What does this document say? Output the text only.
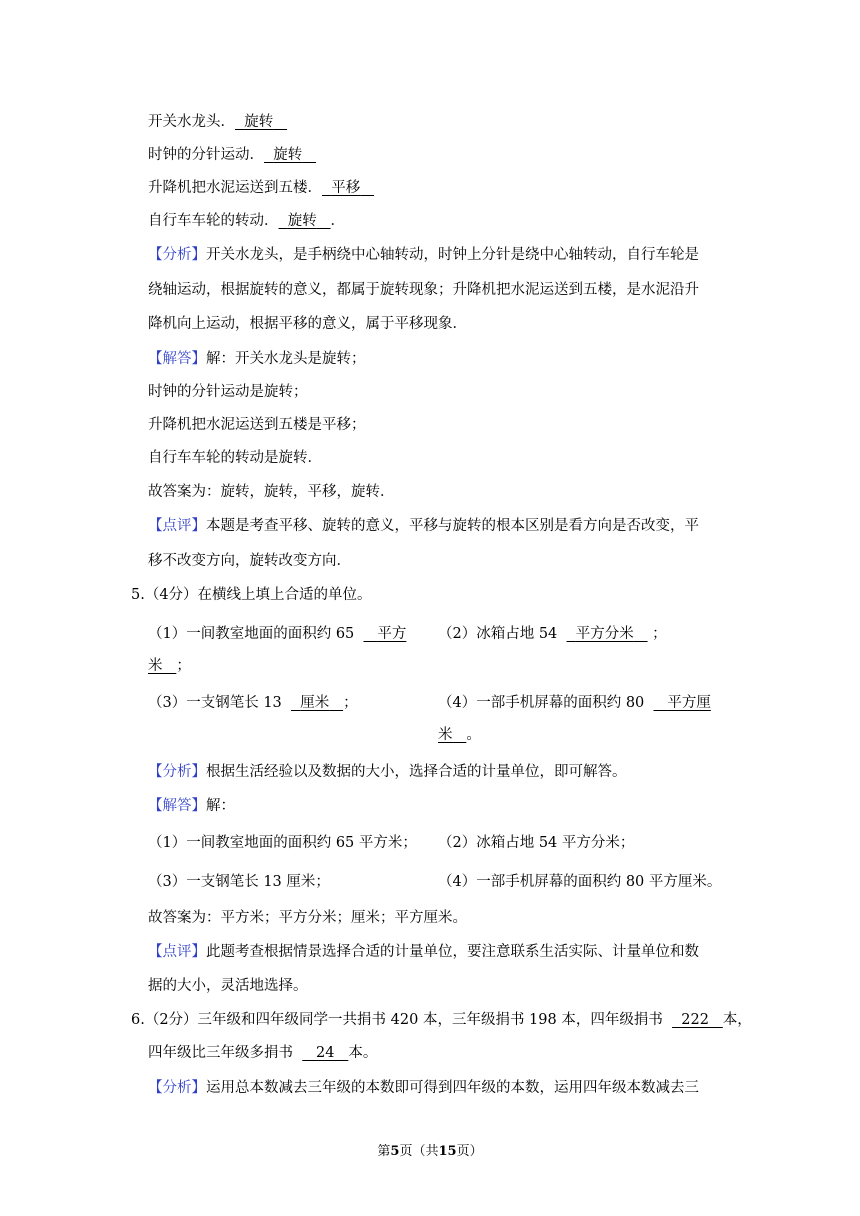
开关水龙头． 旋转
时钟的分针运动． 旋转
升降机把水泥运送到五楼． 平移
自行车车轮的转动． 旋转 ．
【分析】开关水龙头，是手柄绕中心轴转动，时钟上分针是绕中心轴转动，自行车轮是
绕轴运动，根据旋转的意义，都属于旋转现象；升降机把水泥运送到五楼，是水泥沿升
降机向上运动，根据平移的意义，属于平移现象．
【解答】解：开关水龙头是旋转；
时钟的分针运动是旋转；
升降机把水泥运送到五楼是平移；
自行车车轮的转动是旋转．
故答案为：旋转，旋转，平移，旋转．
【点评】本题是考查平移、旋转的意义，平移与旋转的根本区别是看方向是否改变，平
移不改变方向，旋转改变方向．
5.（4分）在横线上填上合适的单位。
（1）一间教室地面的面积约 65 平方 （2）冰箱占地 54 平方分米 ；
米 ；
（3）一支钢笔长 13 厘米 ；	（4）一部手机屏幕的面积约 80 平方厘
米 。
【分析】根据生活经验以及数据的大小，选择合适的计量单位，即可解答。
【解答】解：
（1）一间教室地面的面积约 65 平方米； （2）冰箱占地 54 平方分米；
（3）一支钢笔长 13 厘米；	（4）一部手机屏幕的面积约 80 平方厘米。
故答案为：平方米；平方分米；厘米；平方厘米。
【点评】此题考查根据情景选择合适的计量单位，要注意联系生活实际、计量单位和数
据的大小，灵活地选择。
6.（2分）三年级和四年级同学一共捐书 420 本，三年级捐书 198 本，四年级捐书 222 本，
四年级比三年级多捐书 24 本。
【分析】运用总本数减去三年级的本数即可得到四年级的本数，运用四年级本数减去三
第5页（共15页）
